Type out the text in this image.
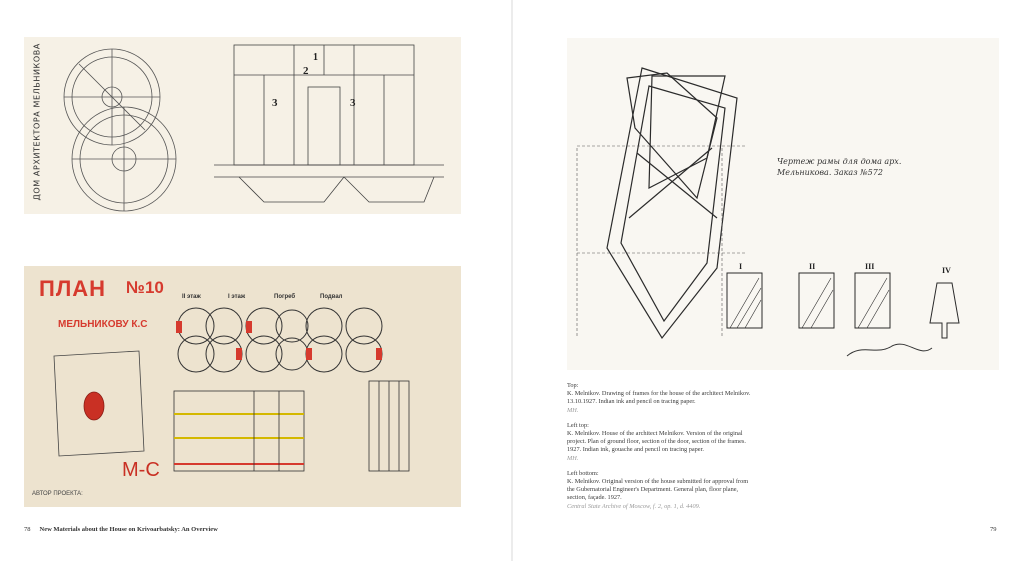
ДОМ АРХИТЕКТОРА МЕЛЬНИКОВА	1
2
3	3
M-C
ПЛАН №10
МЕЛЬНИКОВУ К.С
АВТОР ПРОЕКТА:
II этаж	I этаж	Погреб	Подвал
Чертеж рамы для дома арх. Мельникова. Заказ №572
I	II	III	IV
Top:
K. Melnikov. Drawing of frames for the house of the architect Melnikov. 13.10.1927. Indian ink and pencil on tracing paper.
MH.
Left top:
K. Melnikov. House of the architect Melnikov. Version of the original project. Plan of ground floor, section of the door, section of the frames. 1927. Indian ink, gouache and pencil on tracing paper.
MH.
Left bottom:
K. Melnikov. Original version of the house submitted for approval from the Gubernatorial Engineer's Department. General plan, floor plane, section, façade. 1927.
Central State Archive of Moscow, f. 2, op. 1, d. 4409.
78 New Materials about the House on Krivoarbatsky: An Overview	79
